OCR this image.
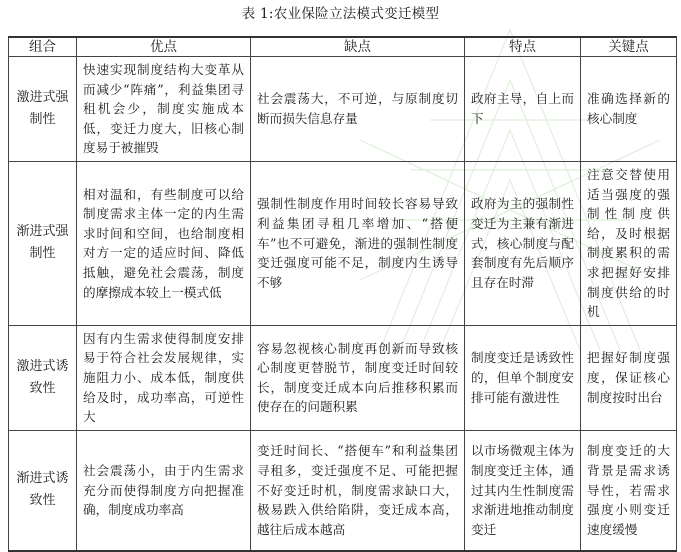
表 1:农业保险立法模式变迁模型
组合	优点	缺点	特点	关键点
激进式强制性	快速实现制度结构大变革从而减少“阵痛”，利益集团寻租机会少，制度实施成本低，变迁力度大，旧核心制度易于被摧毁	社会震荡大，不可逆，与原制度切断而损失信息存量	政府主导，自上而下	准确选择新的核心制度
渐进式强制性	相对温和，有些制度可以给制度需求主体一定的内生需求时间和空间，也给制度相对方一定的适应时间、降低抵触，避免社会震荡，制度的摩擦成本较上一模式低	强制性制度作用时间较长容易导致利益集团寻租几率增加、“搭便车”也不可避免，渐进的强制性制度变迁强度可能不足，制度内生诱导不够	政府为主的强制性变迁为主兼有渐进式，核心制度与配套制度有先后顺序且存在时滞	注意交替使用适当强度的强制性制度供给，及时根据制度累积的需求把握好安排制度供给的时机
激进式诱致性	因有内生需求使得制度安排易于符合社会发展规律，实施阻力小、成本低，制度供给及时，成功率高，可逆性大	容易忽视核心制度再创新而导致核心制度更替脱节，制度变迁时间较长，制度变迁成本向后推移积累而使存在的问题积累	制度变迁是诱致性的，但单个制度安排可能有激进性	把握好制度强度，保证核心制度按时出台
渐进式诱致性	社会震荡小，由于内生需求充分而使得制度方向把握准确，制度成功率高	变迁时间长、“搭便车”和利益集团寻租多，变迁强度不足、可能把握不好变迁时机，制度需求缺口大，极易跌入供给陷阱，变迁成本高，越往后成本越高	以市场微观主体为制度变迁主体，通过其内生性制度需求渐进地推动制度变迁	制度变迁的大背景是需求诱导性，若需求强度小则变迁速度缓慢
